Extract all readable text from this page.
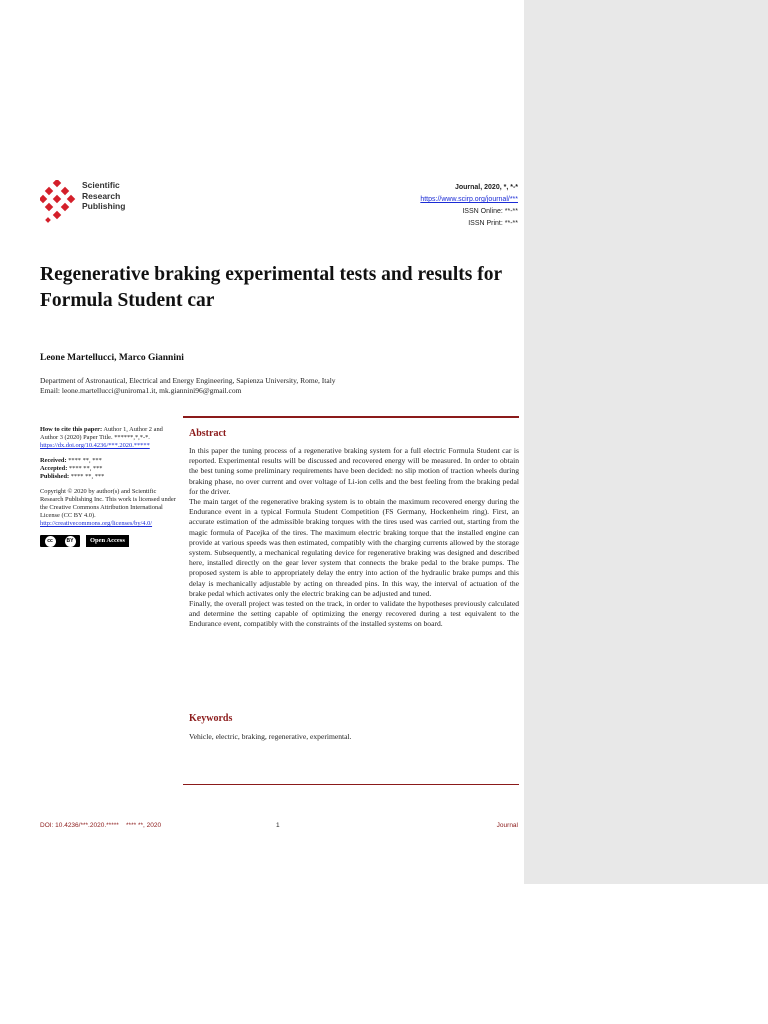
Scientific
Research
Publishing
Journal, 2020, *, *-*
https://www.scirp.org/journal/***
ISSN Online: **-**
ISSN Print: **-**
Regenerative braking experimental tests and results for Formula Student car
Leone Martellucci, Marco Giannini
Department of Astronautical, Electrical and Energy Engineering, Sapienza University, Rome, Italy
Email: leone.martellucci@uniroma1.it, mk.giannini96@gmail.com

How to cite this paper: Author 1, Author 2 and Author 3 (2020) Paper Title. ******,*,*-*.
https://dx.doi.org/10.4236/***.2020.*****

Received: **** **, ***
Accepted: **** **, ***
Published: **** **, ***

Copyright © 2020 by author(s) and Scientific Research Publishing Inc. This work is licensed under the Creative Commons Attribution International License (CC BY 4.0).
http://creativecommons.org/licenses/by/4.0/

cc	BY	Open Access
Abstract

In this paper the tuning process of a regenerative braking system for a full electric Formula Student car is reported. Experimental results will be discussed and recovered energy will be measured. In order to obtain the best tuning some preliminary requirements have been decided: no slip motion of traction wheels during braking phase, no over current and over voltage of Li-ion cells and the best feeling from the braking pedal for the driver.

The main target of the regenerative braking system is to obtain the maximum recovered energy during the Endurance event in a typical Formula Student Competition (FS Germany, Hockenheim ring). First, an accurate estimation of the admissible braking torques with the tires used was carried out, starting from the magic formula of Pacejka of the tires. The maximum electric braking torque that the installed engine can provide at various speeds was then estimated, compatibly with the charging currents allowed by the storage system. Subsequently, a mechanical regulating device for regenerative braking was designed and described here, installed directly on the gear lever system that connects the brake pedal to the brake pumps. The proposed system is able to appropriately delay the entry into action of the hydraulic brake pumps and this delay is mechanically adjustable by acting on threaded pins. In this way, the interval of actuation of the brake pedal which activates only the electric braking can be adjusted and tuned.

Finally, the overall project was tested on the track, in order to validate the hypotheses previously calculated and determine the setting capable of optimizing the energy recovered during a test equivalent to the Endurance event, compatibly with the constraints of the installed systems on board.

Keywords
Vehicle, electric, braking, regenerative, experimental.
DOI: 10.4236/***.2020.***** **** **, 2020	1	Journal
